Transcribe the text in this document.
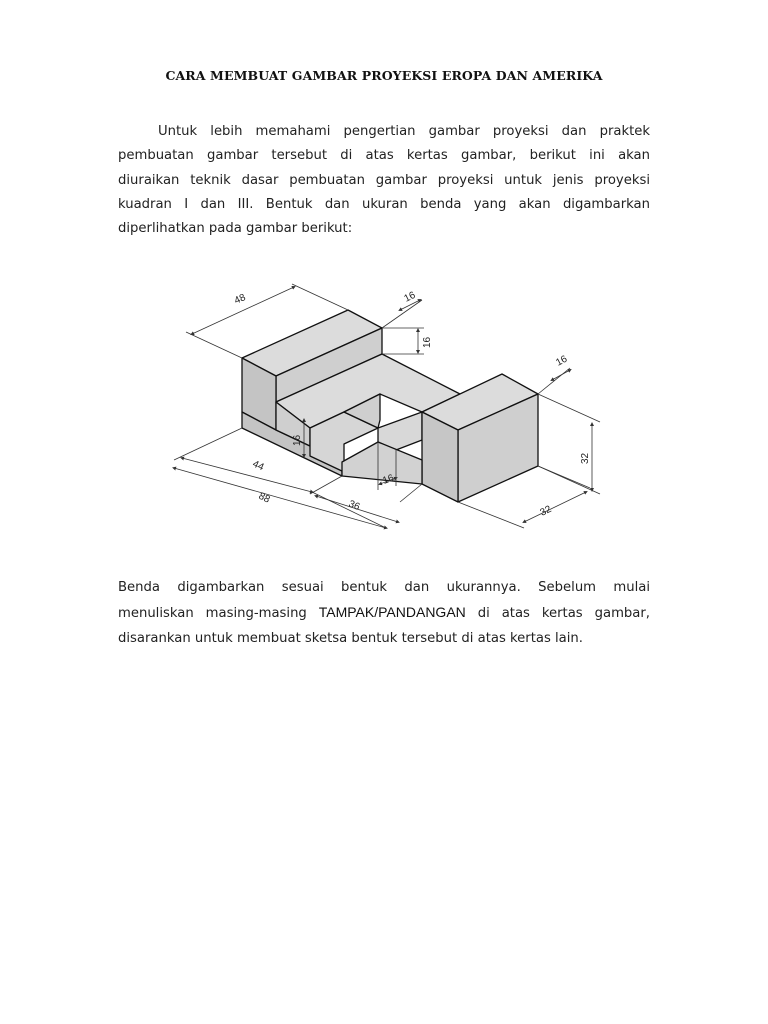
CARA MEMBUAT GAMBAR PROYEKSI EROPA DAN AMERIKA
Untuk lebih memahami pengertian gambar proyeksi dan praktek
pembuatan gambar tersebut di atas kertas gambar, berikut ini akan
diuraikan teknik dasar pembuatan gambar proyeksi untuk jenis proyeksi
kuadran I dan III. Bentuk dan ukuran benda yang akan digambarkan
diperlihatkan pada gambar berikut:
48	16
16
16
32
32
16
44
88
36
16
Benda digambarkan sesuai bentuk dan ukurannya. Sebelum mulai
menuliskan masing-masing TAMPAK/PANDANGAN di atas kertas gambar,
disarankan untuk membuat sketsa bentuk tersebut di atas kertas lain.
